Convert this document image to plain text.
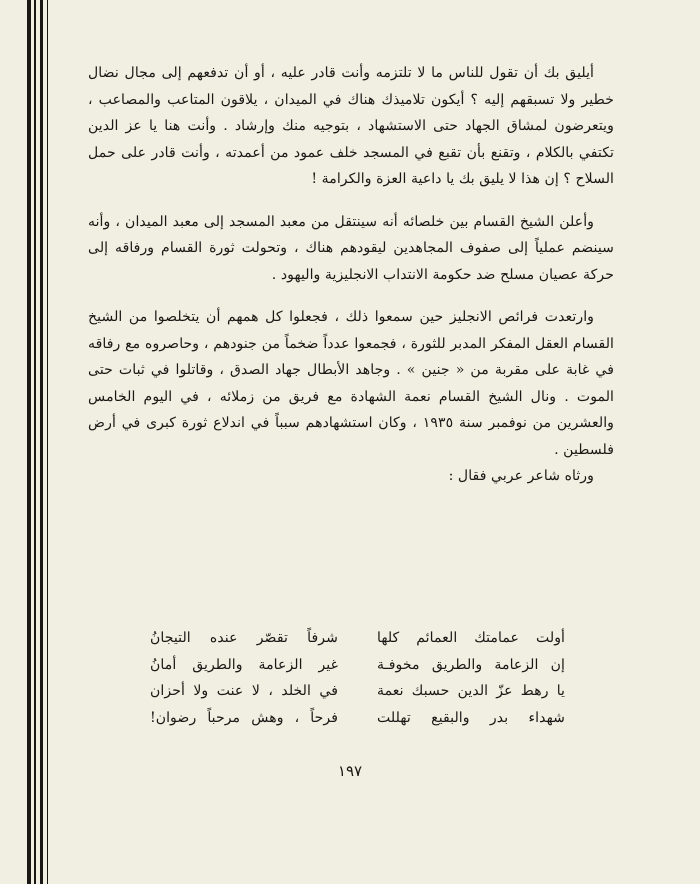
أيليق بك أن تقول للناس ما لا تلتزمه وأنت قادر عليه ، أو أن تدفعهم إلى مجال نضال خطير ولا تسبقهم إليه ؟ أيكون تلاميذك هناك في الميدان ، يلاقون المتاعب والمصاعب ، ويتعرضون لمشاق الجهاد حتى الاستشهاد ، بتوجيه منك وإرشاد . وأنت هنا يا عز الدين تكتفي بالكلام ، وتقنع بأن تقبع في المسجد خلف عمود من أعمدته ، وأنت قادر على حمل السلاح ؟ إن هذا لا يليق بك يا داعية العزة والكرامة !

وأعلن الشيخ القسام بين خلصائه أنه سينتقل من معبد المسجد إلى معبد الميدان ، وأنه سينضم عملياً إلى صفوف المجاهدين ليقودهم هناك ، وتحولت ثورة القسام ورفاقه إلى حركة عصيان مسلح ضد حكومة الانتداب الانجليزية واليهود .

وارتعدت فرائص الانجليز حين سمعوا ذلك ، فجعلوا كل همهم أن يتخلصوا من الشيخ القسام العقل المفكر المدبر للثورة ، فجمعوا عدداً ضخماً من جنودهم ، وحاصروه مع رفاقه في غابة على مقربة من « جنين » . وجاهد الأبطال جهاد الصدق ، وقاتلوا في ثبات حتى الموت . ونال الشيخ القسام نعمة الشهادة مع فريق من زملائه ، في اليوم الخامس والعشرين من نوفمبر سنة ١٩٣٥ ، وكان استشهادهم سبباً في اندلاع ثورة كبرى في أرض فلسطين .

ورثاه شاعر عربي فقال :

أولت عمامتك العمائم كلها
شرفاً تقصّر عنده التيجانُ
إن الزعامة والطريق مخوفـة
غير الزعامة والطريق أمانُ
يا رهط عزّ الدين حسبك نعمة
في الخلد ، لا عنت ولا أحزان
شهداء بدر والبقيع تهللت
فرحاً ، وهش مرحباً رضوان!
١٩٧
